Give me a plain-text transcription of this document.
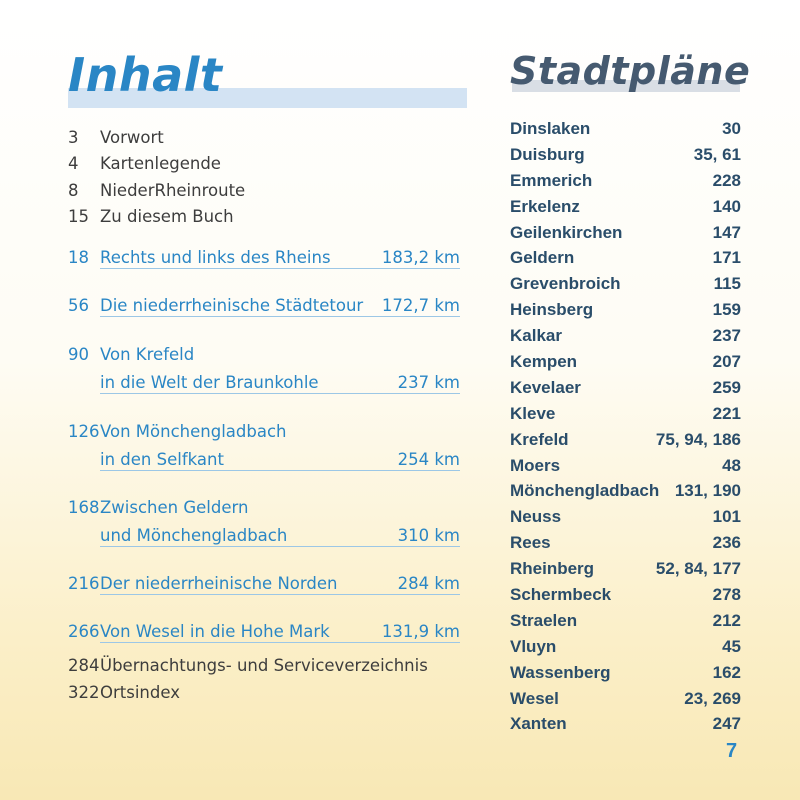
Inhalt	Stadtpläne
3 Vorwort
4 Kartenlegende
8 NiederRheinroute
15 Zu diesem Buch
18 Rechts und links des Rheins	183,2 km
56 Die niederrheinische Städtetour 172,7 km
90 Von Krefeld
in die Welt der Braunkohle	237 km
126 Von Mönchengladbach
in den Selfkant	254 km
168 Zwischen Geldern
und Mönchengladbach	310 km
216 Der niederrheinische Norden	284 km
266 Von Wesel in die Hohe Mark	131,9 km
284 Übernachtungs- und Serviceverzeichnis
322 Ortsindex
Dinslaken	30
Duisburg	35, 61
Emmerich	228
Erkelenz	140
Geilenkirchen	147
Geldern	171
Grevenbroich	115
Heinsberg	159
Kalkar	237
Kempen	207
Kevelaer	259
Kleve	221
Krefeld	75, 94, 186
Moers	48
Mönchengladbach 131, 190
Neuss	101
Rees	236
Rheinberg	52, 84, 177
Schermbeck	278
Straelen	212
Vluyn	45
Wassenberg	162
Wesel	23, 269
Xanten	247
7
